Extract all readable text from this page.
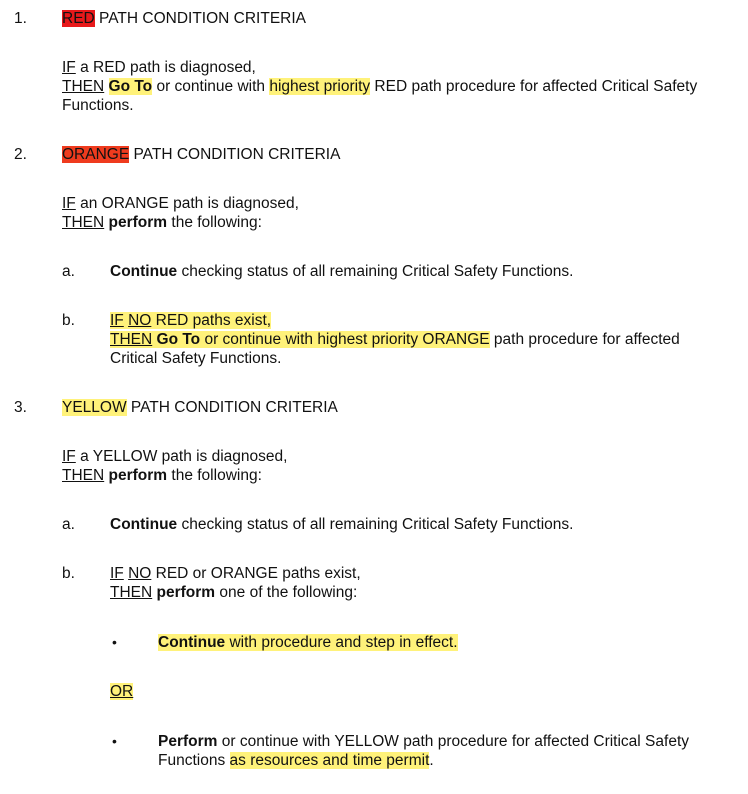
1. RED PATH CONDITION CRITERIA
IF a RED path is diagnosed,
THEN Go To or continue with highest priority RED path procedure for affected Critical Safety
Functions.
2. ORANGE PATH CONDITION CRITERIA
IF an ORANGE path is diagnosed,
THEN perform the following:
a. Continue checking status of all remaining Critical Safety Functions.
b. IF NO RED paths exist,
THEN Go To or continue with highest priority ORANGE path procedure for affected
Critical Safety Functions.
3. YELLOW PATH CONDITION CRITERIA
IF a YELLOW path is diagnosed,
THEN perform the following:
a. Continue checking status of all remaining Critical Safety Functions.
b. IF NO RED or ORANGE paths exist,
THEN perform one of the following:
•	Continue with procedure and step in effect.
OR
•	Perform or continue with YELLOW path procedure for affected Critical Safety
Functions as resources and time permit.
